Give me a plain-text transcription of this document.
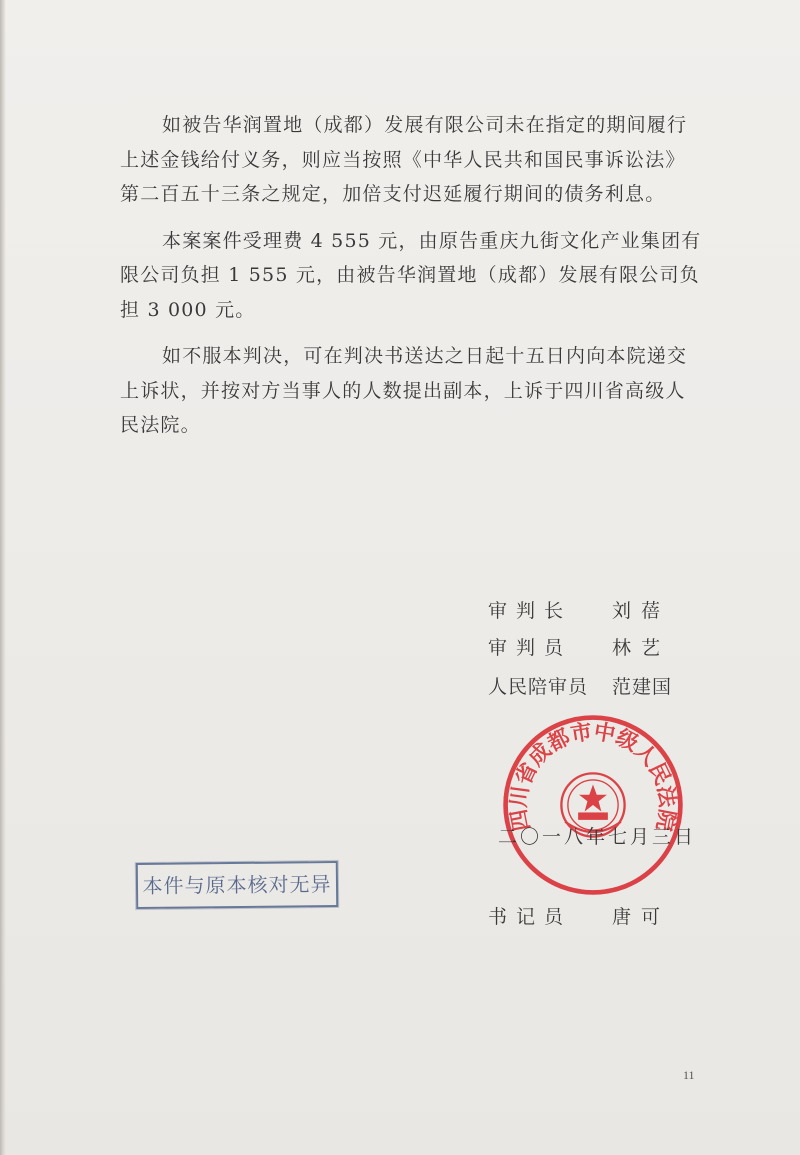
如被告华润置地（成都）发展有限公司未在指定的期间履行
上述金钱给付义务，则应当按照《中华人民共和国民事诉讼法》
第二百五十三条之规定，加倍支付迟延履行期间的债务利息。
本案案件受理费 4 555 元，由原告重庆九街文化产业集团有
限公司负担 1 555 元，由被告华润置地（成都）发展有限公司负
担 3 000 元。
如不服本判决，可在判决书送达之日起十五日内向本院递交
上诉状，并按对方当事人的人数提出副本，上诉于四川省高级人
民法院。
审判长 刘蓓
审判员 林艺
人民陪审员 范建国
四川省成都市中级人民法院
二〇一八年七月三日
书记员 唐可
本件与原本核对无异
11
